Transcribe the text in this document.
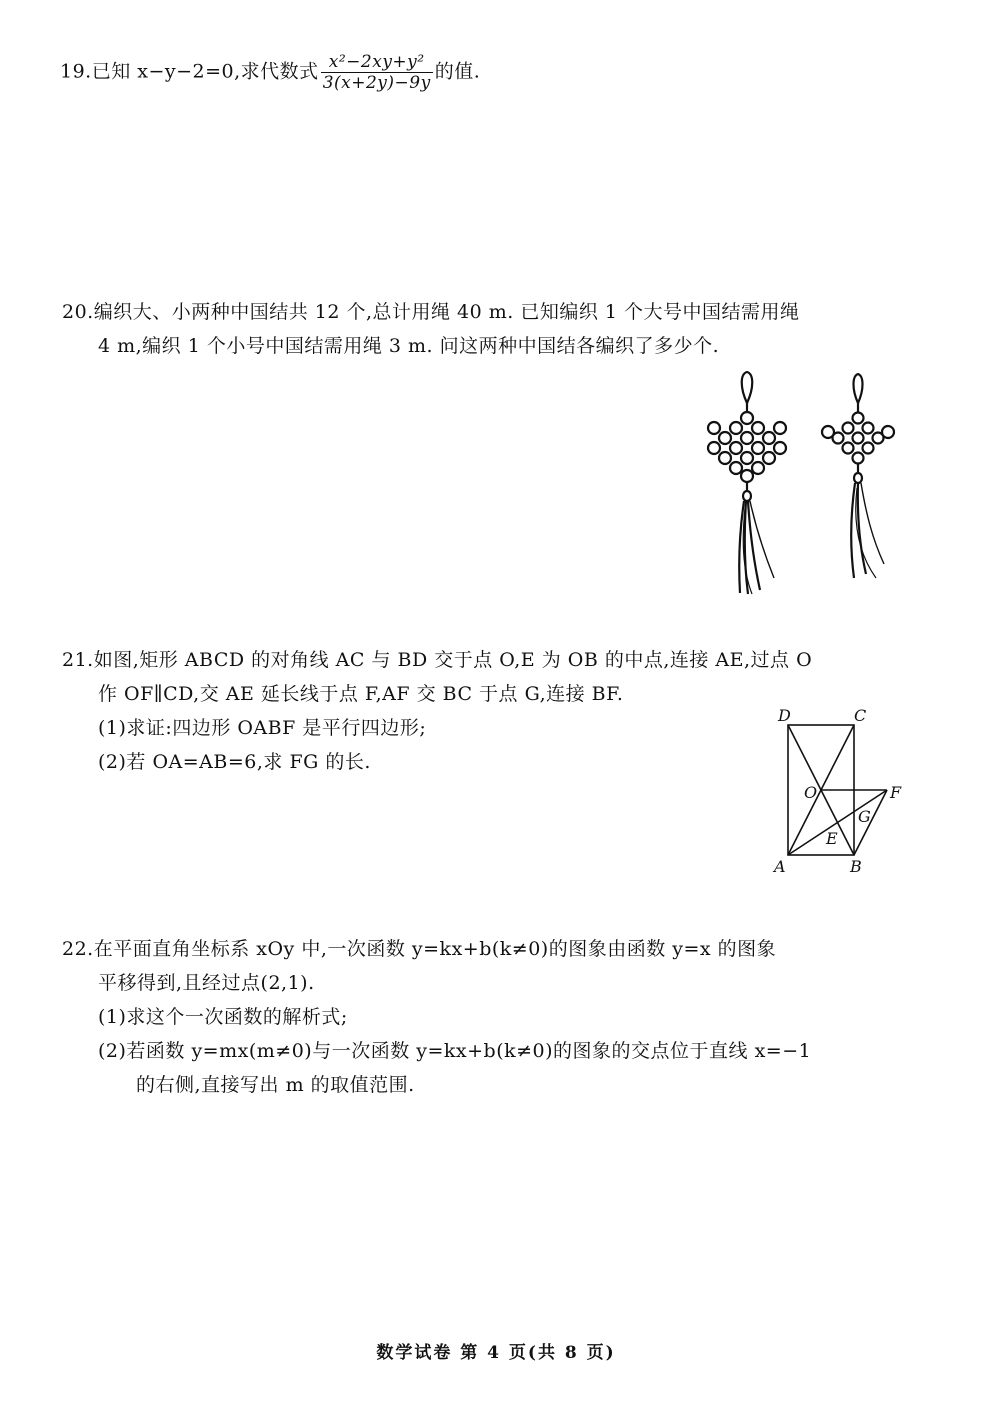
19.已知 x−y−2=0,求代数式 $\frac{\text{x²−2xy+y²}}{3(x+2y)-9y}$ 的值.
20.编织大、小两种中国结共 12 个,总计用绳 40 m. 已知编织 1 个大号中国结需用绳
4 m,编织 1 个小号中国结需用绳 3 m. 问这两种中国结各编织了多少个.
21.如图,矩形 ABCD 的对角线 AC 与 BD 交于点 O,E 为 OB 的中点,连接 AE,过点 O
作 OF∥CD,交 AE 延长线于点 F,AF 交 BC 于点 G,连接 BF.
(1)求证:四边形 OABF 是平行四边形;
(2)若 OA=AB=6,求 FG 的长.
D	C
O	F
G
E
A	B
22.在平面直角坐标系 xOy 中,一次函数 y=kx+b(k≠0)的图象由函数 y=x 的图象
平移得到,且经过点(2,1).
(1)求这个一次函数的解析式;
(2)若函数 y=mx(m≠0)与一次函数 y=kx+b(k≠0)的图象的交点位于直线 x=−1
的右侧,直接写出 m 的取值范围.
数学试卷 第 4 页(共 8 页)
